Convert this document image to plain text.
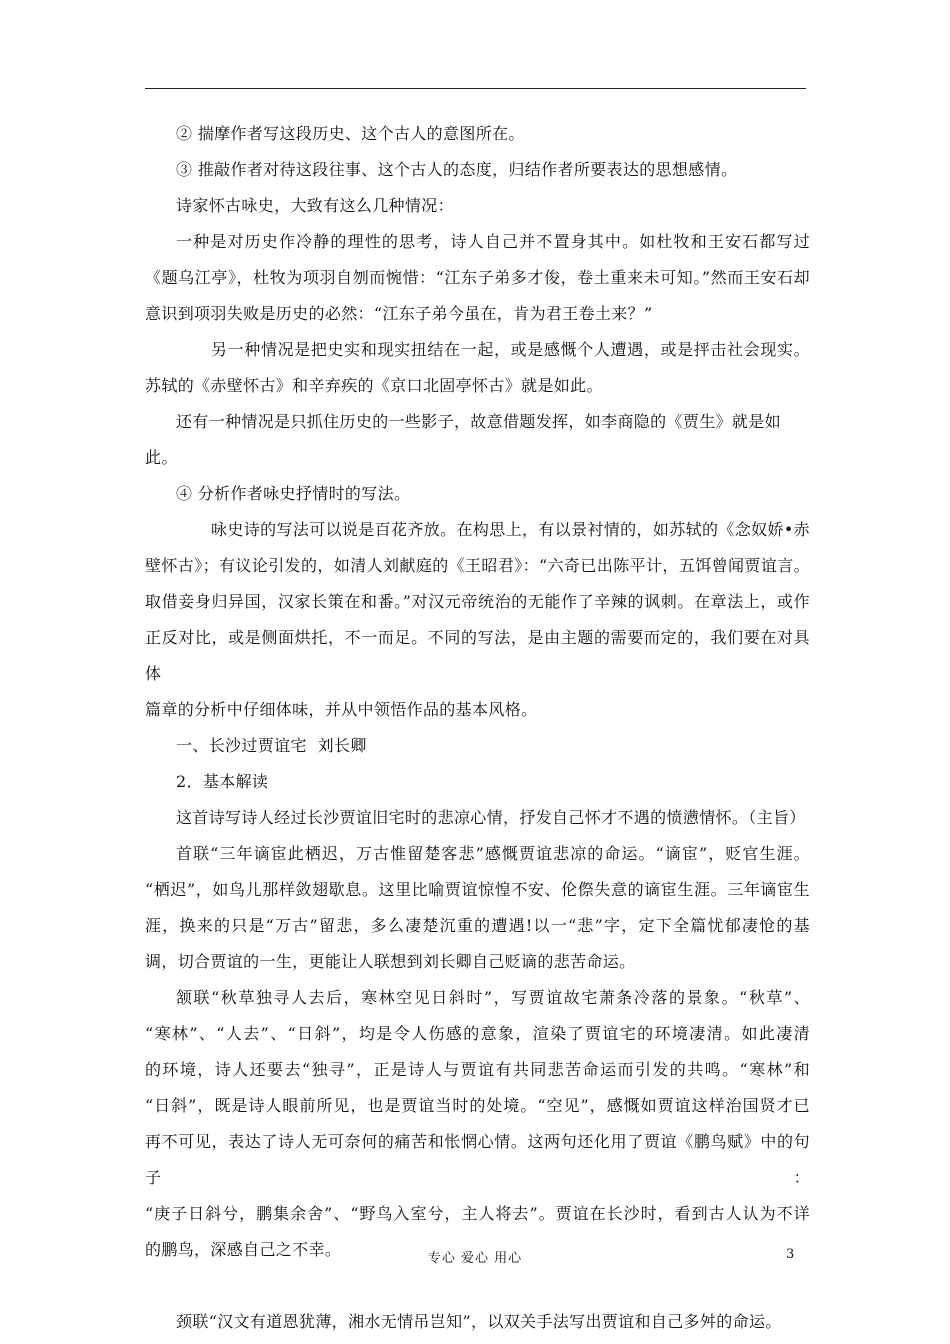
② 揣摩作者写这段历史、这个古人的意图所在。

③ 推敲作者对待这段往事、这个古人的态度，归结作者所要表达的思想感情。

诗家怀古咏史，大致有这么几种情况：

一种是对历史作冷静的理性的思考，诗人自己并不置身其中。如杜牧和王安石都写过

《题乌江亭》，杜牧为项羽自刎而惋惜：“江东子弟多才俊，卷土重来未可知。”然而王安石却

意识到项羽失败是历史的必然：“江东子弟今虽在，肯为君王卷土来？”

另一种情况是把史实和现实扭结在一起，或是感慨个人遭遇，或是抨击社会现实。

苏轼的《赤壁怀古》和辛弃疾的《京口北固亭怀古》就是如此。

还有一种情况是只抓住历史的一些影子，故意借题发挥，如李商隐的《贾生》就是如此。

④ 分析作者咏史抒情时的写法。

咏史诗的写法可以说是百花齐放。在构思上，有以景衬情的，如苏轼的《念奴娇•赤

壁怀古》；有议论引发的，如清人刘献庭的《王昭君》：“六奇已出陈平计，五饵曾闻贾谊言。

取借妾身归异国，汉家长策在和番。”对汉元帝统治的无能作了辛辣的讽刺。在章法上，或作

正反对比，或是侧面烘托，不一而足。不同的写法，是由主题的需要而定的，我们要在对具体

篇章的分析中仔细体味，并从中领悟作品的基本风格。

一、长沙过贾谊宅  刘长卿

2．基本解读

这首诗写诗人经过长沙贾谊旧宅时的悲凉心情，抒发自己怀才不遇的愤懑情怀。（主旨）

首联“三年谪宦此栖迟，万古惟留楚客悲”感慨贾谊悲凉的命运。“谪宦”，贬官生涯。

“栖迟”，如鸟儿那样敛翅歇息。这里比喻贾谊惊惶不安、伦傺失意的谪宦生涯。三年谪宦生

涯，换来的只是“万古”留悲，多么凄楚沉重的遭遇!以一“悲”字，定下全篇忧郁凄怆的基

调，切合贾谊的一生，更能让人联想到刘长卿自己贬谪的悲苦命运。

颔联“秋草独寻人去后，寒林空见日斜时”，写贾谊故宅萧条冷落的景象。“秋草”、

“寒林”、“人去”、“日斜”，均是令人伤感的意象，渲染了贾谊宅的环境凄清。如此凄清

的环境，诗人还要去“独寻”，正是诗人与贾谊有共同悲苦命运而引发的共鸣。“寒林”和

“日斜”，既是诗人眼前所见，也是贾谊当时的处境。“空见”，感慨如贾谊这样治国贤才已

再不可见，表达了诗人无可奈何的痛苦和怅惘心情。这两句还化用了贾谊《鹏鸟赋》中的句子：

“庚子日斜兮，鹏集余舍”、“野鸟入室兮，主人将去”。贾谊在长沙时，看到古人认为不详

的鹏鸟，深感自己之不幸。

颈联“汉文有道恩犹薄，湘水无情吊岂知”，以双关手法写出贾谊和自己多舛的命运。

专心 爱心 用心	3
